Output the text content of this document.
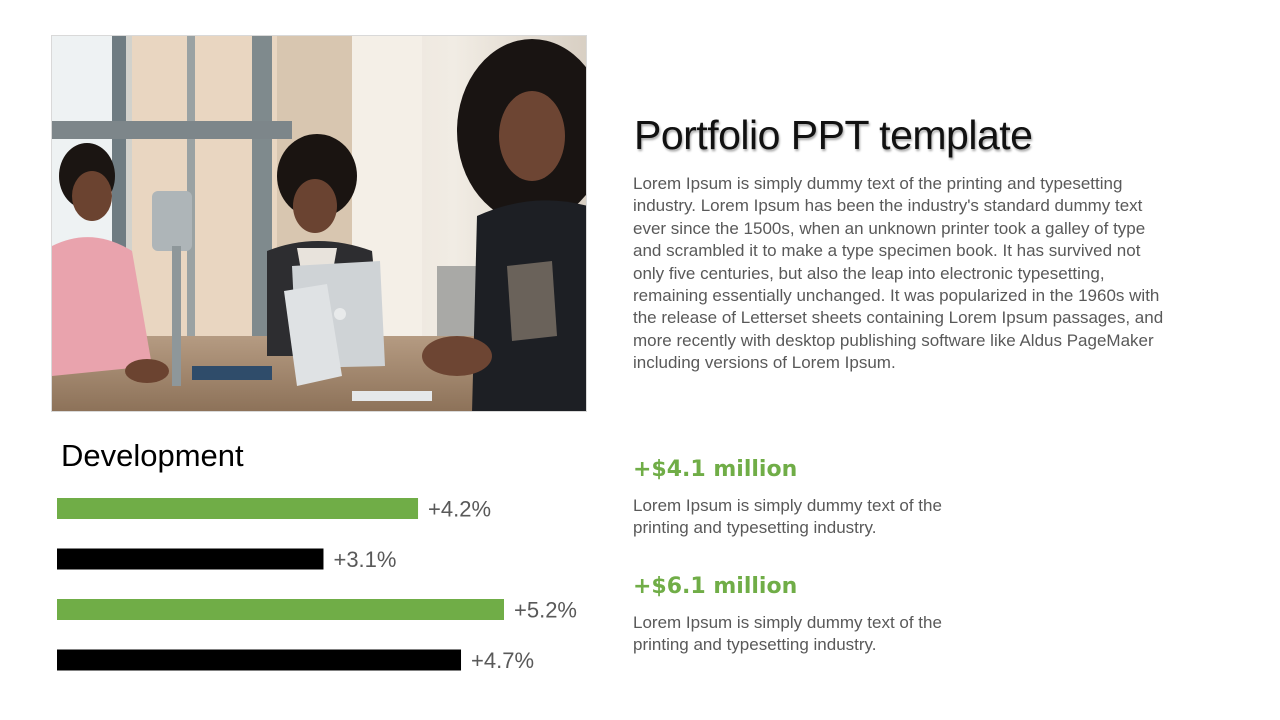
Portfolio PPT template
Lorem Ipsum is simply dummy text of the printing and typesetting industry. Lorem Ipsum has been the industry's standard dummy text ever since the 1500s, when an unknown printer took a galley of type and scrambled it to make a type specimen book. It has survived not only five centuries, but also the leap into electronic typesetting, remaining essentially unchanged. It was popularized in the 1960s with the release of Letterset sheets containing Lorem Ipsum passages, and more recently with desktop publishing software like Aldus PageMaker including versions of Lorem Ipsum.
Development
+4.2%
+3.1%
+5.2%
+4.7%
+$4.1 million
Lorem Ipsum is simply dummy text of the printing and typesetting industry.
+$6.1 million
Lorem Ipsum is simply dummy text of the printing and typesetting industry.
